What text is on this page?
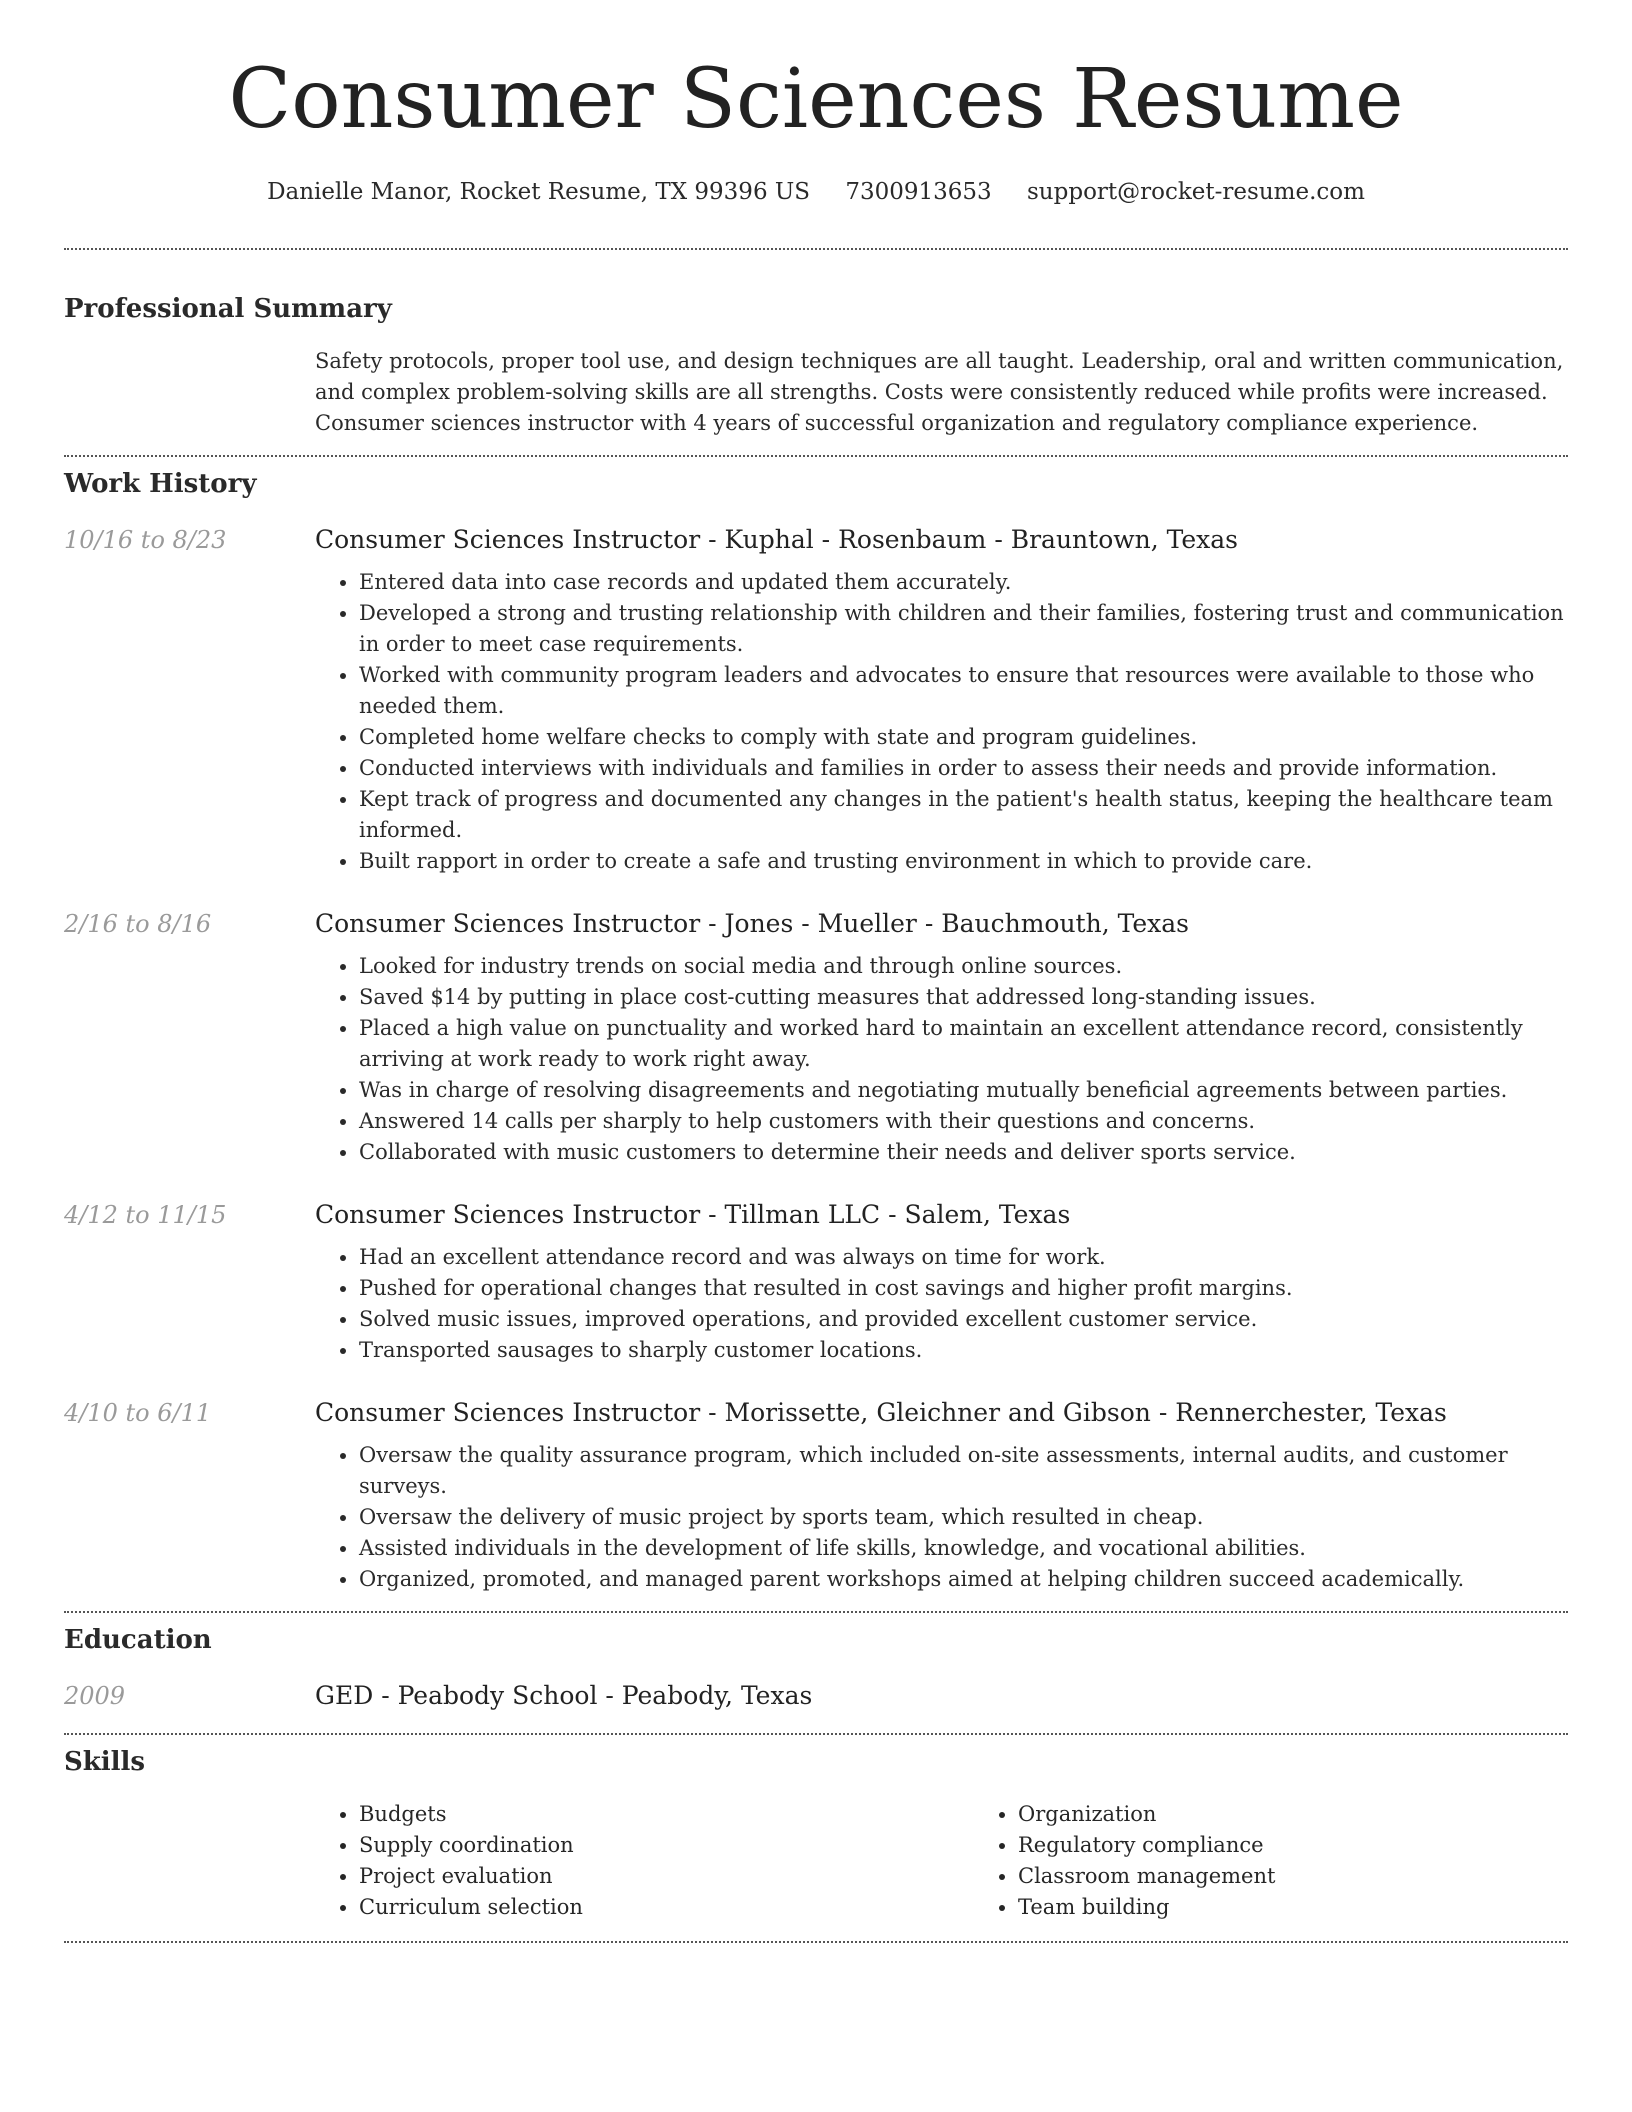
Consumer Sciences Resume
Danielle Manor, Rocket Resume, TX 99396 US 7300913653 support@rocket-resume.com
Professional Summary
Safety protocols, proper tool use, and design techniques are all taught. Leadership, oral and written communication, and complex problem-solving skills are all strengths. Costs were consistently reduced while profits were increased. Consumer sciences instructor with 4 years of successful organization and regulatory compliance experience.
Work History
10/16 to 8/23	Consumer Sciences Instructor - Kuphal - Rosenbaum - Brauntown, Texas
• Entered data into case records and updated them accurately.
• Developed a strong and trusting relationship with children and their families, fostering trust and communication in order to meet case requirements.
• Worked with community program leaders and advocates to ensure that resources were available to those who needed them.
• Completed home welfare checks to comply with state and program guidelines.
• Conducted interviews with individuals and families in order to assess their needs and provide information.
• Kept track of progress and documented any changes in the patient's health status, keeping the healthcare team informed.
• Built rapport in order to create a safe and trusting environment in which to provide care.
2/16 to 8/16	Consumer Sciences Instructor - Jones - Mueller - Bauchmouth, Texas
• Looked for industry trends on social media and through online sources.
• Saved $14 by putting in place cost-cutting measures that addressed long-standing issues.
• Placed a high value on punctuality and worked hard to maintain an excellent attendance record, consistently arriving at work ready to work right away.
• Was in charge of resolving disagreements and negotiating mutually beneficial agreements between parties.
• Answered 14 calls per sharply to help customers with their questions and concerns.
• Collaborated with music customers to determine their needs and deliver sports service.
4/12 to 11/15	Consumer Sciences Instructor - Tillman LLC - Salem, Texas
• Had an excellent attendance record and was always on time for work.
• Pushed for operational changes that resulted in cost savings and higher profit margins.
• Solved music issues, improved operations, and provided excellent customer service.
• Transported sausages to sharply customer locations.
4/10 to 6/11	Consumer Sciences Instructor - Morissette, Gleichner and Gibson - Rennerchester, Texas
• Oversaw the quality assurance program, which included on-site assessments, internal audits, and customer surveys.
• Oversaw the delivery of music project by sports team, which resulted in cheap.
• Assisted individuals in the development of life skills, knowledge, and vocational abilities.
• Organized, promoted, and managed parent workshops aimed at helping children succeed academically.
Education
2009	GED - Peabody School - Peabody, Texas
Skills
• Budgets
• Supply coordination
• Project evaluation
• Curriculum selection
• Organization
• Regulatory compliance
• Classroom management
• Team building
